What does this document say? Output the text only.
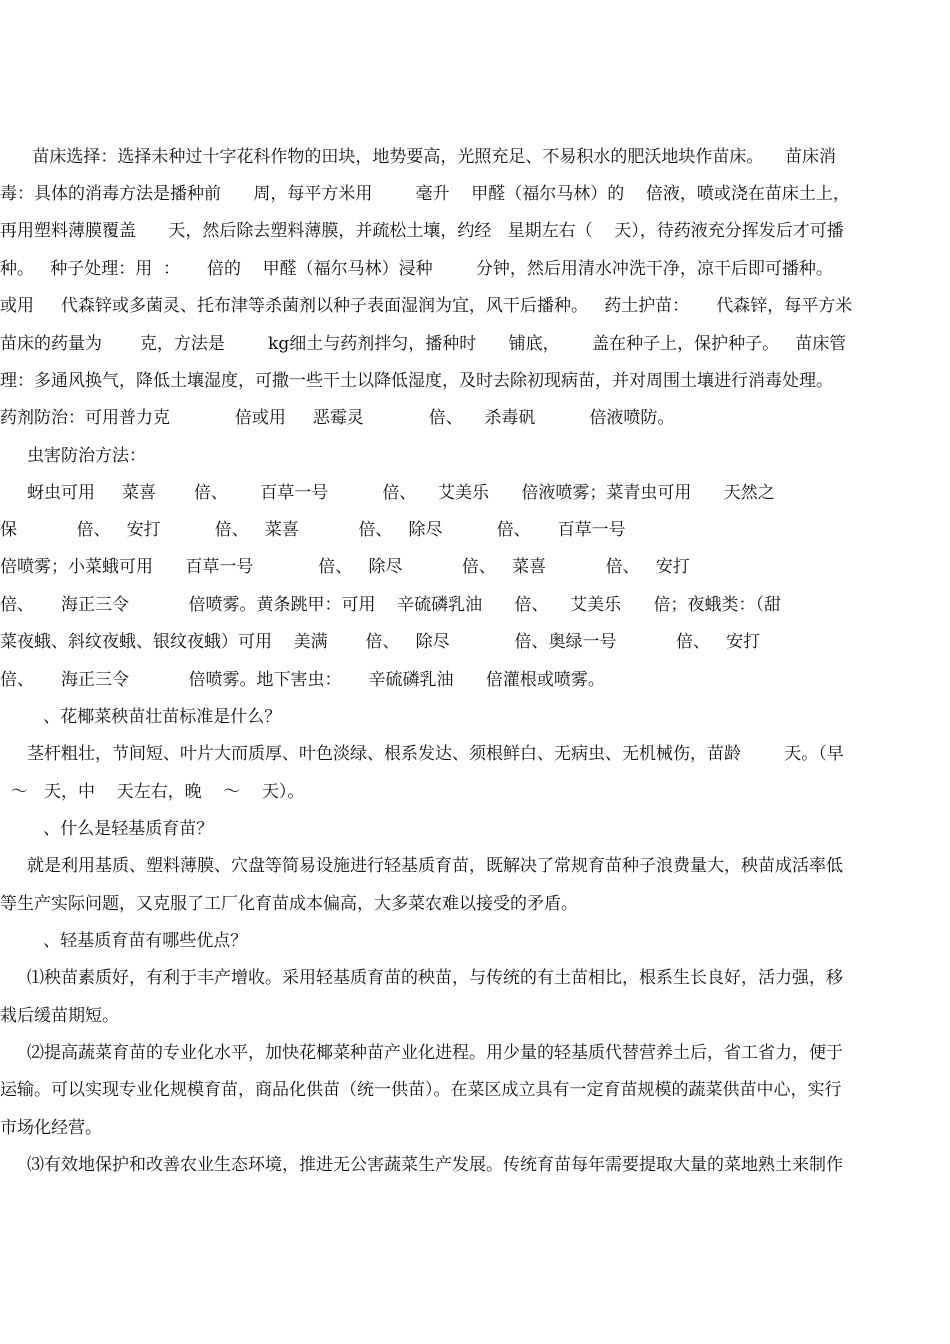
苗床选择：选择未种过十字花科作物的田块，地势要高，光照充足、不易积水的肥沃地块作苗床。    苗床消
毒：具体的消毒方法是播种前      周，每平方米用        毫升    甲醛（福尔马林）的    倍液，喷或浇在苗床土上，
再用塑料薄膜覆盖      天，然后除去塑料薄膜，并疏松土壤，约经   星期左右（    天），待药液充分挥发后才可播
种。   种子处理：用  ：     倍的    甲醛（福尔马林）浸种        分钟，然后用清水冲洗干净，凉干后即可播种。
或用     代森锌或多菌灵、托布津等杀菌剂以种子表面湿润为宜，风干后播种。   药土护苗：     代森锌，每平方米
苗床的药量为       克，方法是        kg细土与药剂拌匀，播种时      铺底，      盖在种子上，保护种子。   苗床管
理：多通风换气，降低土壤湿度，可撒一些干土以降低湿度，及时去除初现病苗，并对周围土壤进行消毒处理。
药剂防治：可用普力克            倍或用     恶霉灵            倍、    杀毒矾          倍液喷防。
虫害防治方法：
蚜虫可用     菜喜       倍、      百草一号          倍、    艾美乐      倍液喷雾；菜青虫可用      天然之
保           倍、   安打          倍、   菜喜           倍、   除尽          倍、     百草一号
倍喷雾；小菜蛾可用      百草一号            倍、   除尽           倍、   菜喜           倍、   安打
倍、     海正三令           倍喷雾。黄条跳甲：可用    辛硫磷乳油      倍、    艾美乐      倍；夜蛾类：（甜
菜夜蛾、斜纹夜蛾、银纹夜蛾）可用    美满       倍、   除尽            倍、奥绿一号           倍、   安打
倍、     海正三令           倍喷雾。地下害虫：     辛硫磷乳油      倍灌根或喷雾。
、花椰菜秧苗壮苗标准是什么？
茎杆粗壮，节间短、叶片大而质厚、叶色淡绿、根系发达、须根鲜白、无病虫、无机械伤，苗龄        天。（早
～   天，中    天左右，晚    ～    天）。
、什么是轻基质育苗？
就是利用基质、塑料薄膜、穴盘等简易设施进行轻基质育苗，既解决了常规育苗种子浪费量大，秧苗成活率低
等生产实际问题，又克服了工厂化育苗成本偏高，大多菜农难以接受的矛盾。
、轻基质育苗有哪些优点？
⑴秧苗素质好，有利于丰产增收。采用轻基质育苗的秧苗，与传统的有土苗相比，根系生长良好，活力强，移
栽后缓苗期短。
⑵提高蔬菜育苗的专业化水平，加快花椰菜种苗产业化进程。用少量的轻基质代替营养土后，省工省力，便于
运输。可以实现专业化规模育苗，商品化供苗（统一供苗）。在菜区成立具有一定育苗规模的蔬菜供苗中心，实行
市场化经营。
⑶有效地保护和改善农业生态环境，推进无公害蔬菜生产发展。传统育苗每年需要提取大量的菜地熟土来制作
